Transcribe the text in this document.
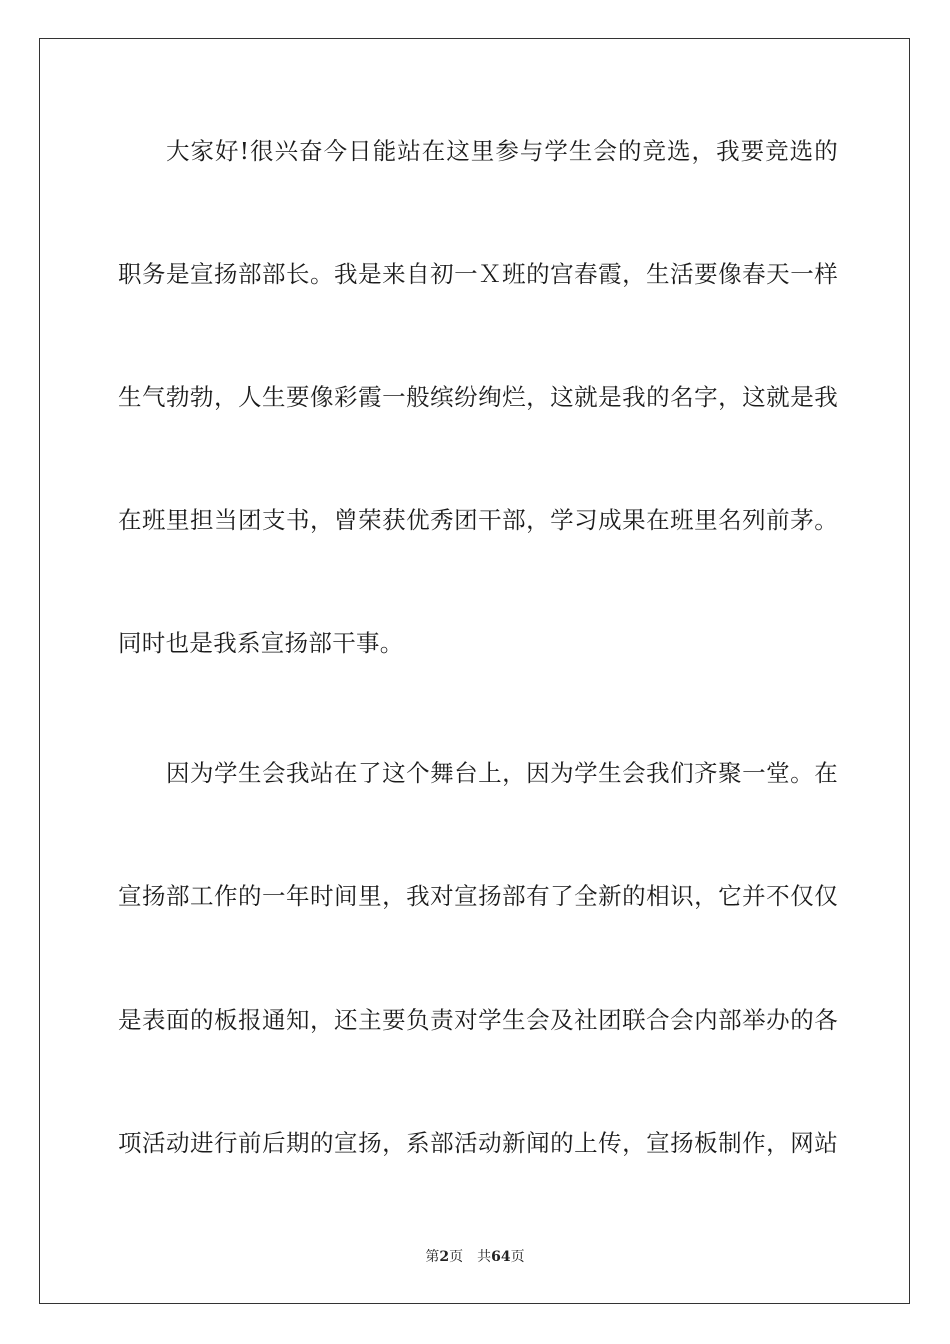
大家好!很兴奋今日能站在这里参与学生会的竞选，我要竞选的
职务是宣扬部部长。我是来自初一Ｘ班的宫春霞，生活要像春天一样
生气勃勃，人生要像彩霞一般缤纷绚烂，这就是我的名字，这就是我
在班里担当团支书，曾荣获优秀团干部，学习成果在班里名列前茅。
同时也是我系宣扬部干事。
因为学生会我站在了这个舞台上，因为学生会我们齐聚一堂。在
宣扬部工作的一年时间里，我对宣扬部有了全新的相识，它并不仅仅
是表面的板报通知，还主要负责对学生会及社团联合会内部举办的各
项活动进行前后期的宣扬，系部活动新闻的上传，宣扬板制作，网站
第2页 共64页
